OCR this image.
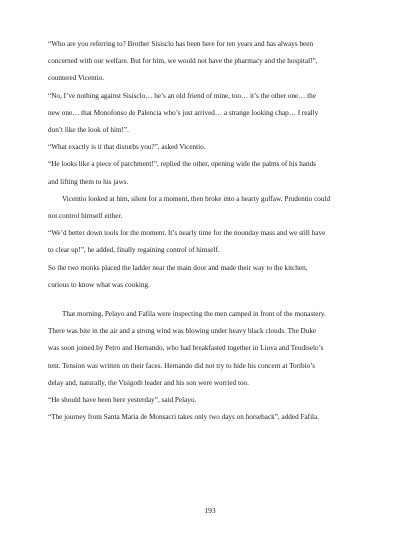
“Who are you referring to? Brother Sisisclo has been here for ten years and has always been

concerned with our welfare. But for him, we would not have the pharmacy and the hospital!”,

countered Vicentio.

“No, I’ve nothing against Sisisclo… he’s an old friend of mine, too… it’s the other one… the

new one… that Monofonso de Palencia who’s just arrived… a strange looking chap… I really

don’t like the look of him!”.

“What exactly is it that disturbs you?”, asked Vicentio.

“He looks like a piece of parchment!”, replied the other, opening wide the palms of his hands

and lifting them to his jaws.

Vicentio looked at him, silent for a moment, then broke into a hearty guffaw. Prudentio could

not control himself either.

“We’d better down tools for the moment. It’s nearly time for the noonday mass and we still have

to clear up!”, he added, finally regaining control of himself.

So the two monks placed the ladder near the main door and made their way to the kitchen,

curious to know what was cooking.

That morning, Pelayo and Fafila were inspecting the men camped in front of the monastery.

There was bite in the air and a strong wind was blowing under heavy black clouds. The Duke

was soon joined by Petro and Hernando, who had breakfasted together in Liuva and Teudiselo’s

tent. Tension was written on their faces. Hernando did not try to hide his concern at Toribio’s

delay and, naturally, the Visigoth leader and his son were worried too.

“He should have been here yesterday”, said Pelayo.

“The journey from Santa Maria de Monsacri takes only two days on horseback”, added Fafila.

193
